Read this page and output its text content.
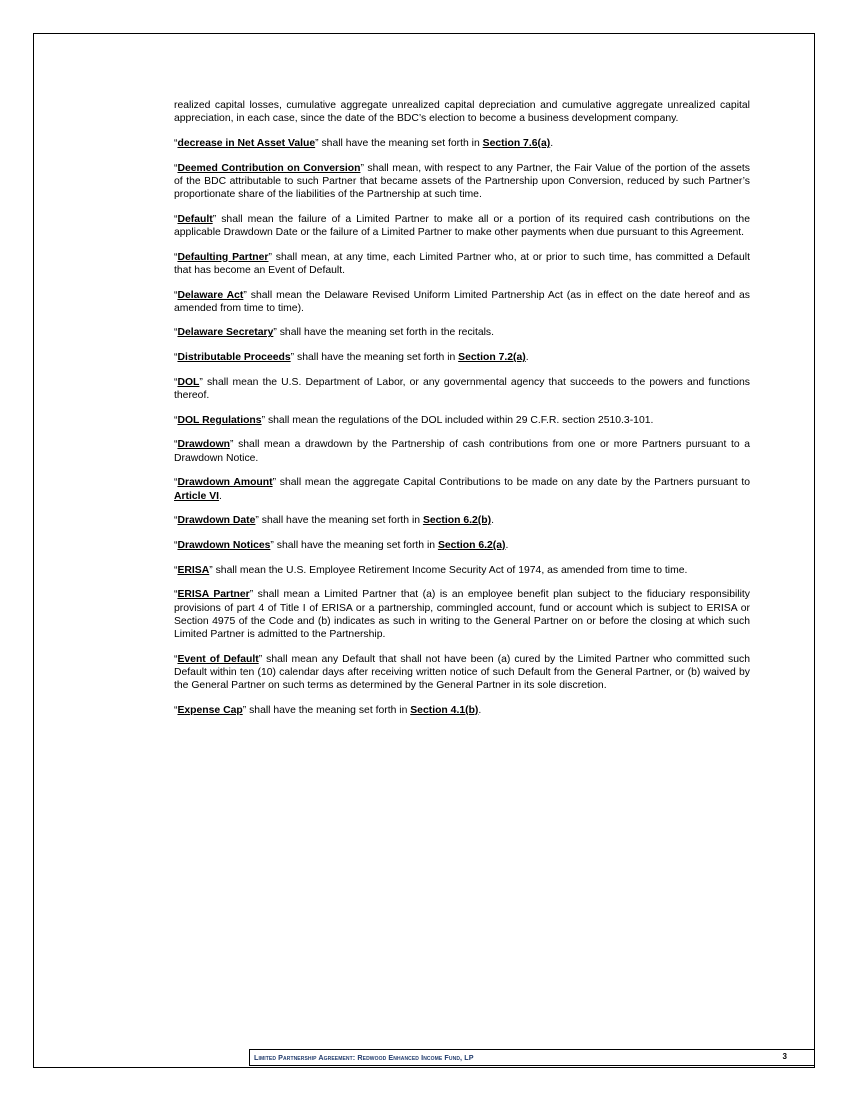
realized capital losses, cumulative aggregate unrealized capital depreciation and cumulative aggregate unrealized capital appreciation, in each case, since the date of the BDC’s election to become a business development company.

“decrease in Net Asset Value” shall have the meaning set forth in Section 7.6(a).

“Deemed Contribution on Conversion” shall mean, with respect to any Partner, the Fair Value of the portion of the assets of the BDC attributable to such Partner that became assets of the Partnership upon Conversion, reduced by such Partner’s proportionate share of the liabilities of the Partnership at such time.

“Default” shall mean the failure of a Limited Partner to make all or a portion of its required cash contributions on the applicable Drawdown Date or the failure of a Limited Partner to make other payments when due pursuant to this Agreement.

“Defaulting Partner” shall mean, at any time, each Limited Partner who, at or prior to such time, has committed a Default that has become an Event of Default.

“Delaware Act” shall mean the Delaware Revised Uniform Limited Partnership Act (as in effect on the date hereof and as amended from time to time).

“Delaware Secretary” shall have the meaning set forth in the recitals.

“Distributable Proceeds” shall have the meaning set forth in Section 7.2(a).

“DOL” shall mean the U.S. Department of Labor, or any governmental agency that succeeds to the powers and functions thereof.

“DOL Regulations” shall mean the regulations of the DOL included within 29 C.F.R. section 2510.3-101.

“Drawdown” shall mean a drawdown by the Partnership of cash contributions from one or more Partners pursuant to a Drawdown Notice.

“Drawdown Amount” shall mean the aggregate Capital Contributions to be made on any date by the Partners pursuant to Article VI.

“Drawdown Date” shall have the meaning set forth in Section 6.2(b).

“Drawdown Notices” shall have the meaning set forth in Section 6.2(a).

“ERISA” shall mean the U.S. Employee Retirement Income Security Act of 1974, as amended from time to time.

“ERISA Partner” shall mean a Limited Partner that (a) is an employee benefit plan subject to the fiduciary responsibility provisions of part 4 of Title I of ERISA or a partnership, commingled account, fund or account which is subject to ERISA or Section 4975 of the Code and (b) indicates as such in writing to the General Partner on or before the closing at which such Limited Partner is admitted to the Partnership.

“Event of Default” shall mean any Default that shall not have been (a) cured by the Limited Partner who committed such Default within ten (10) calendar days after receiving written notice of such Default from the General Partner, or (b) waived by the General Partner on such terms as determined by the General Partner in its sole discretion.

“Expense Cap” shall have the meaning set forth in Section 4.1(b).

Limited Partnership Agreement: Redwood Enhanced Income Fund, LP	3
